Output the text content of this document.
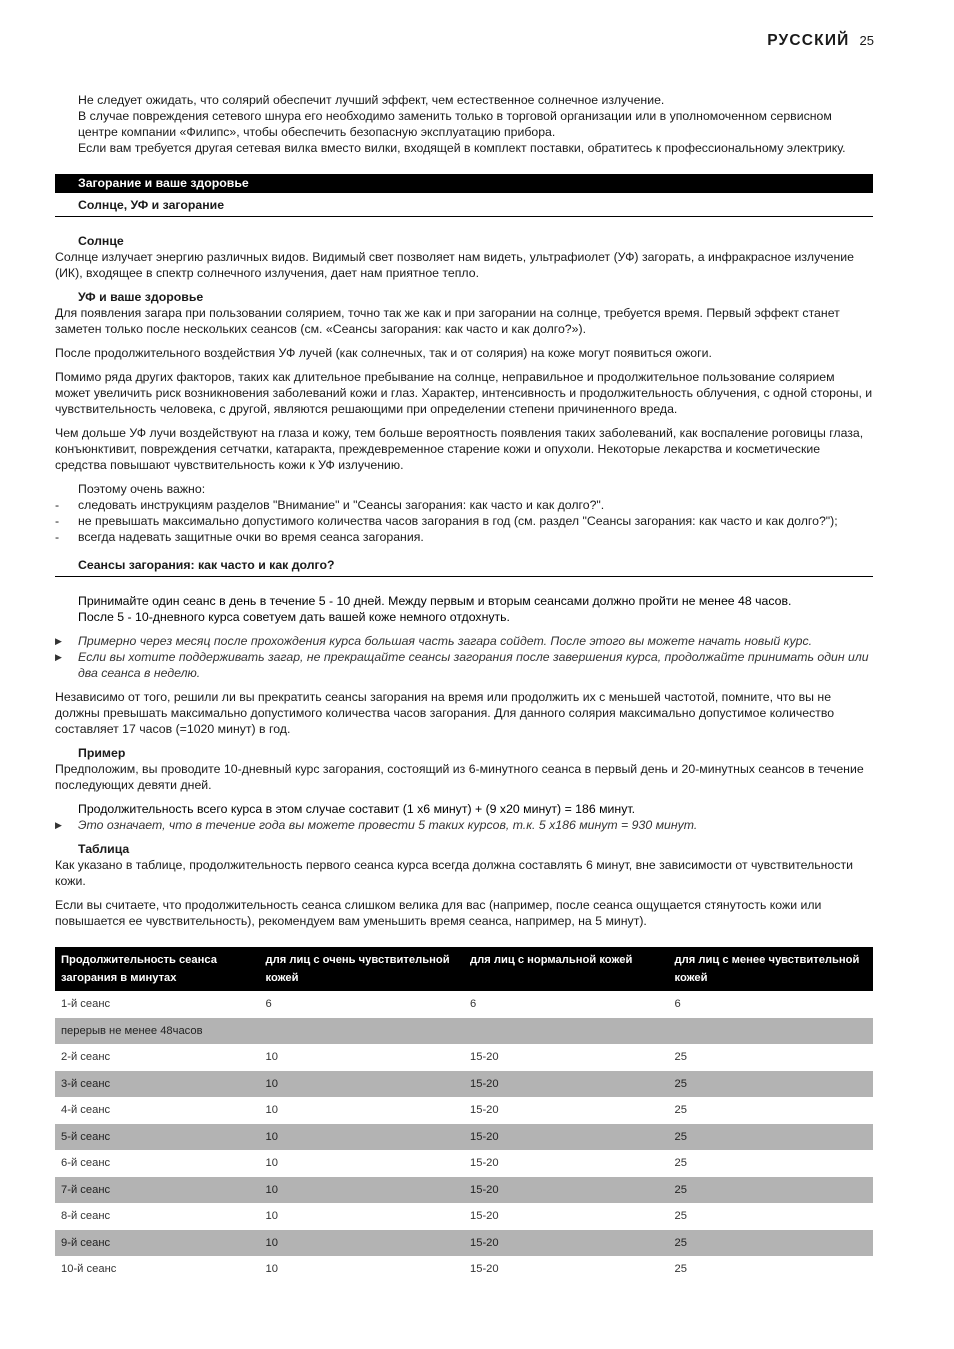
РУССКИЙ 25
Не следует ожидать, что солярий обеспечит лучший эффект, чем естественное солнечное излучение.
В случае повреждения сетевого шнура его необходимо заменить только в торговой организации или в уполномоченном сервисном центре компании «Филипс», чтобы обеспечить безопасную эксплуатацию прибора.
Если вам требуется другая сетевая вилка вместо вилки, входящей в комплект поставки, обратитесь к профессиональному электрику.
Загорание и ваше здоровье
Солнце, УФ и загорание
Солнце

Солнце излучает энергию различных видов. Видимый свет позволяет нам видеть, ультрафиолет (УФ) загорать, а инфракрасное излучение (ИК), входящее в спектр солнечного излучения, дает нам приятное тепло.

УФ и ваше здоровье

Для появления загара при пользовании солярием, точно так же как и при загорании на солнце, требуется время. Первый эффект станет заметен только после нескольких сеансов (см. «Сеансы загорания: как часто и как долго?»).

После продолжительного воздействия УФ лучей (как солнечных, так и от солярия) на коже могут появиться ожоги.

Помимо ряда других факторов, таких как длительное пребывание на солнце, неправильное и продолжительное пользование солярием может увеличить риск возникновения заболеваний кожи и глаз. Характер, интенсивность и продолжительность облучения, с одной стороны, и чувствительность человека, с другой, являются решающими при определении степени причиненного вреда.

Чем дольше УФ лучи воздействуют на глаза и кожу, тем больше вероятность появления таких заболеваний, как воспаление роговицы глаза, конъюнктивит, повреждения сетчатки, катаракта, преждевременное старение кожи и опухоли. Некоторые лекарства и косметические средства повышают чувствительность кожи к УФ излучению.

Поэтому очень важно:
- следовать инструкциям разделов "Внимание" и "Сеансы загорания: как часто и как долго?".
- не превышать максимально допустимого количества часов загорания в год (см. раздел "Сеансы загорания: как часто и как долго?");
- всегда надевать защитные очки во время сеанса загорания.
Сеансы загорания: как часто и как долго?
Принимайте один сеанс в день в течение 5 - 10 дней. Между первым и вторым сеансами должно пройти не менее 48 часов.
После 5 - 10-дневного курса советуем дать вашей коже немного отдохнуть.
▶ Примерно через месяц после прохождения курса большая часть загара сойдет. После этого вы можете начать новый курс.
▶ Если вы хотите поддерживать загар, не прекращайте сеансы загорания после завершения курса, продолжайте принимать один или два сеанса в неделю.

Независимо от того, решили ли вы прекратить сеансы загорания на время или продолжить их с меньшей частотой, помните, что вы не должны превышать максимально допустимого количества часов загорания. Для данного солярия максимально допустимое количество составляет 17 часов (=1020 минут) в год.

Пример

Предположим, вы проводите 10-дневный курс загорания, состоящий из 6-минутного сеанса в первый день и 20-минутных сеансов в течение последующих девяти дней.

Продолжительность всего курса в этом случае составит (1 x6 минут) + (9 x20 минут) = 186 минут.
▶ Это означает, что в течение года вы можете провести 5 таких курсов, т.к. 5 x186 минут = 930 минут.
Таблица

Как указано в таблице, продолжительность первого сеанса курса всегда должна составлять 6 минут, вне зависимости от чувствительности кожи.

Если вы считаете, что продолжительность сеанса слишком велика для вас (например, после сеанса ощущается стянутость кожи или повышается ее чувствительность), рекомендуем вам уменьшить время сеанса, например, на 5 минут).

Продолжительность сеанса загорания в минутах	для лиц с очень чувствительной кожей	для лиц с нормальной кожей	для лиц с менее чувствительной кожей
1-й сеанс	6	6	6
перерыв не менее 48часов			
2-й сеанс	10	15-20	25
3-й сеанс	10	15-20	25
4-й сеанс	10	15-20	25
5-й сеанс	10	15-20	25
6-й сеанс	10	15-20	25
7-й сеанс	10	15-20	25
8-й сеанс	10	15-20	25
9-й сеанс	10	15-20	25
10-й сеанс	10	15-20	25
